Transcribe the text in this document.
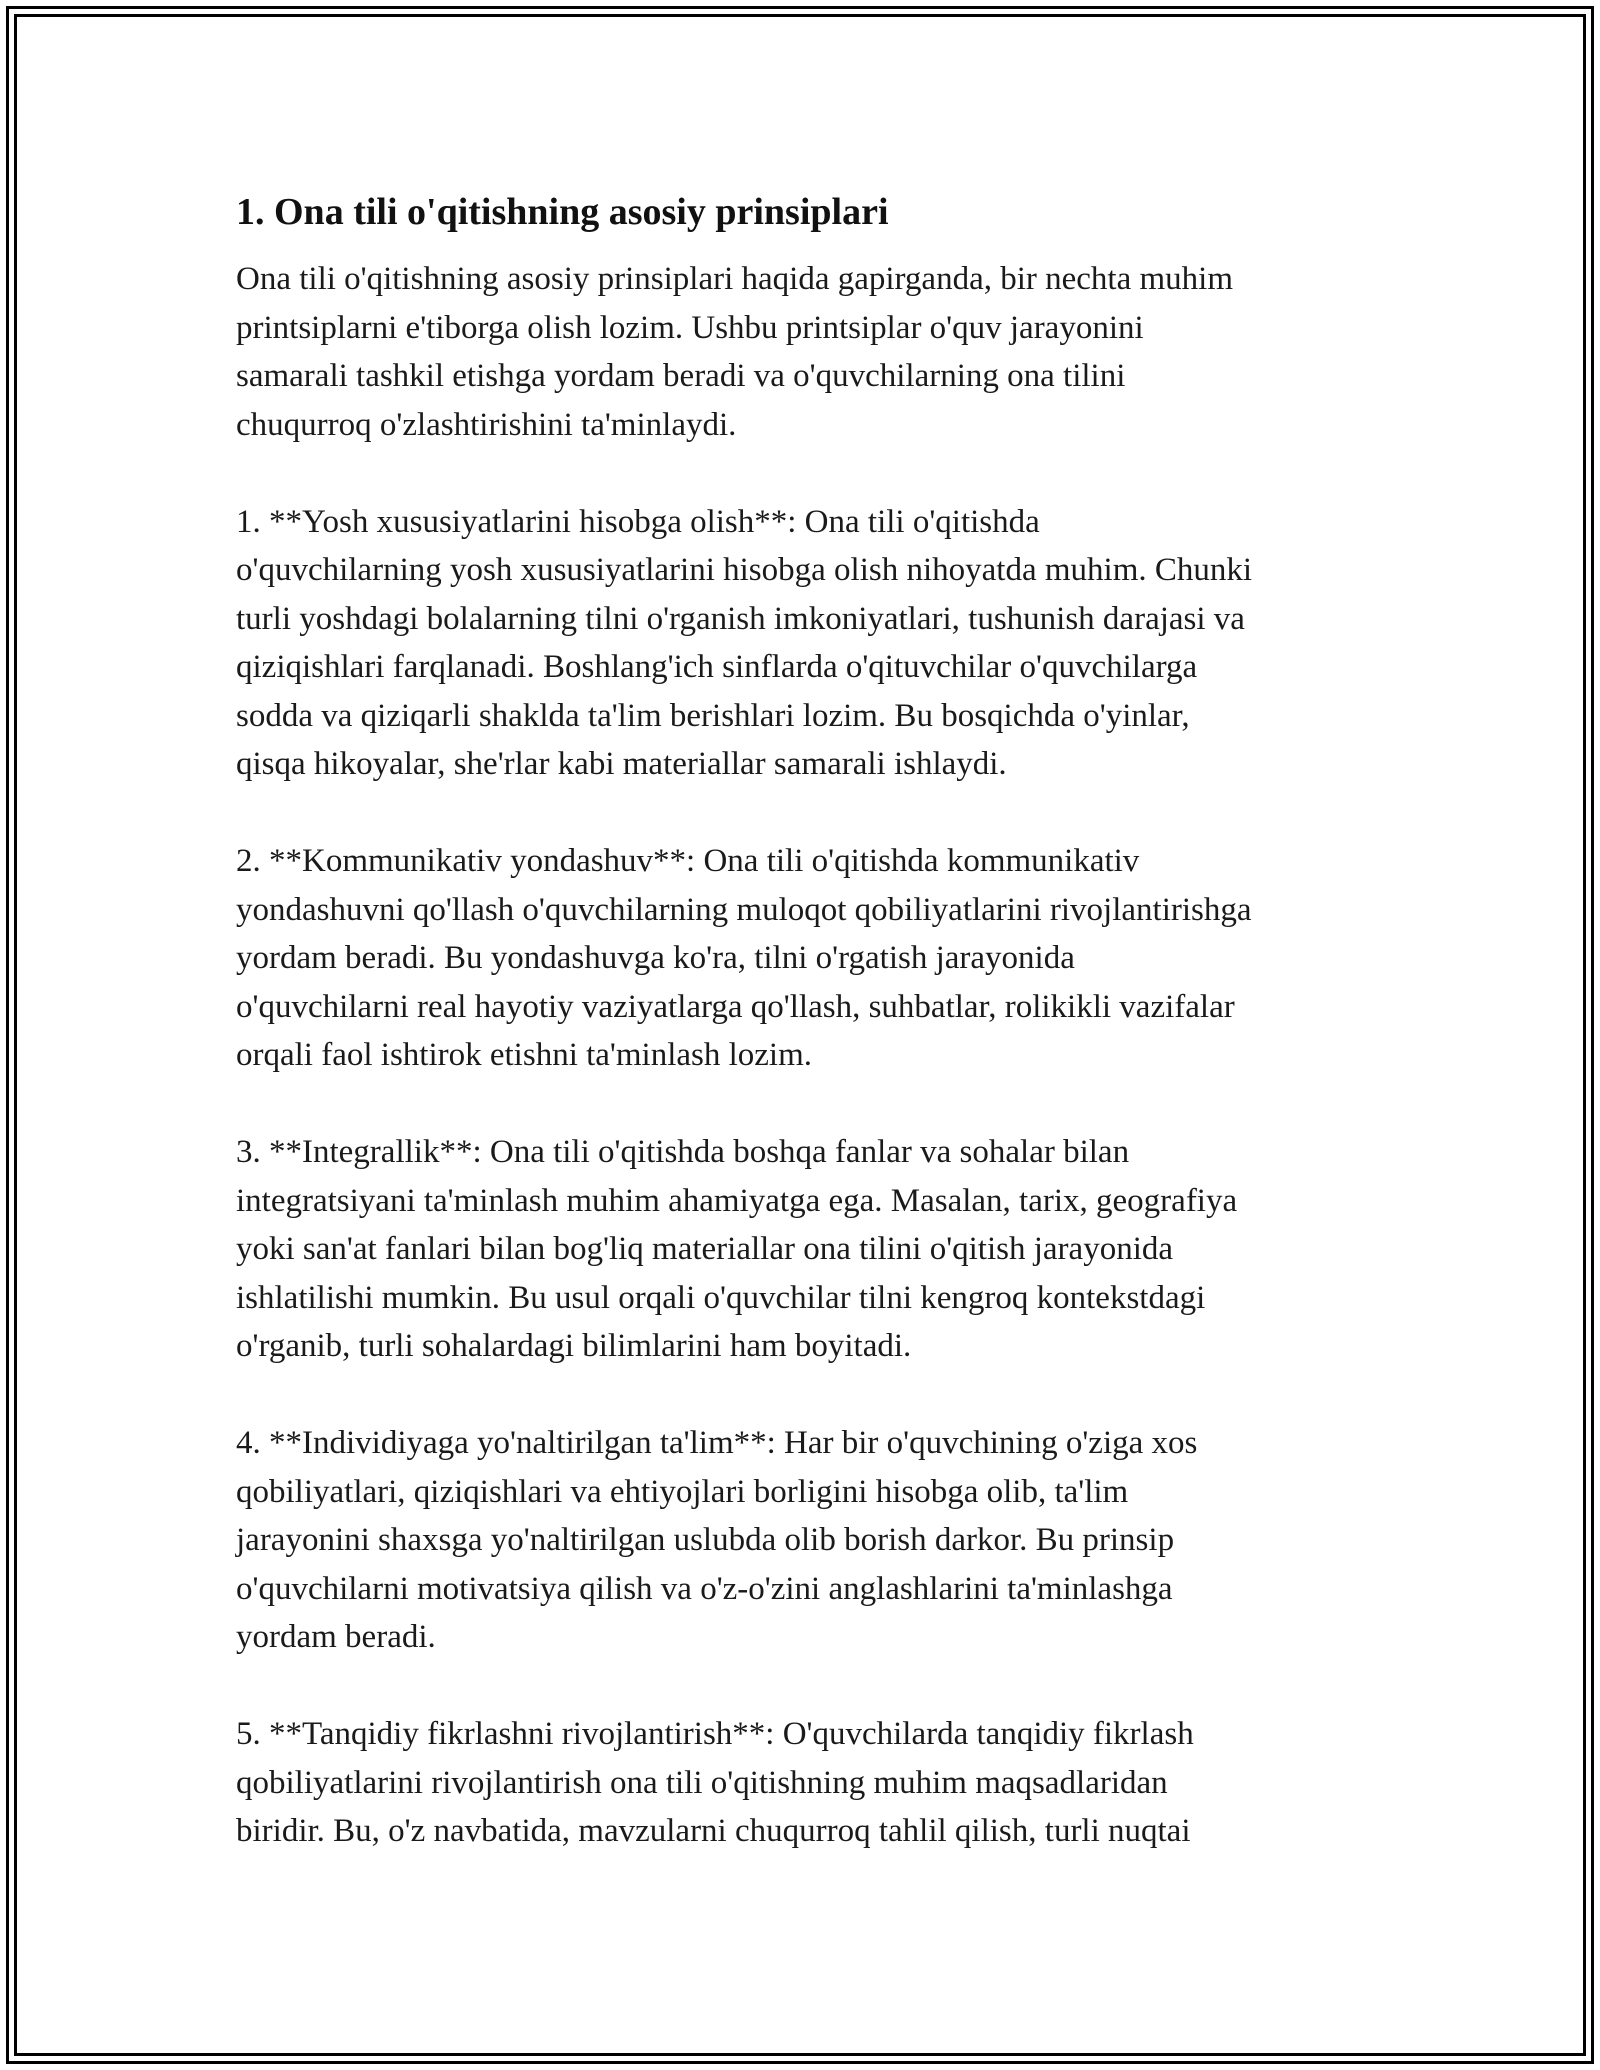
1. Ona tili o'qitishning asosiy prinsiplari

Ona tili o'qitishning asosiy prinsiplari haqida gapirganda, bir nechta muhim
printsiplarni e'tiborga olish lozim. Ushbu printsiplar o'quv jarayonini
samarali tashkil etishga yordam beradi va o'quvchilarning ona tilini
chuqurroq o'zlashtirishini ta'minlaydi.

1. **Yosh xususiyatlarini hisobga olish**: Ona tili o'qitishda
o'quvchilarning yosh xususiyatlarini hisobga olish nihoyatda muhim. Chunki
turli yoshdagi bolalarning tilni o'rganish imkoniyatlari, tushunish darajasi va
qiziqishlari farqlanadi. Boshlang'ich sinflarda o'qituvchilar o'quvchilarga
sodda va qiziqarli shaklda ta'lim berishlari lozim. Bu bosqichda o'yinlar,
qisqa hikoyalar, she'rlar kabi materiallar samarali ishlaydi.

2. **Kommunikativ yondashuv**: Ona tili o'qitishda kommunikativ
yondashuvni qo'llash o'quvchilarning muloqot qobiliyatlarini rivojlantirishga
yordam beradi. Bu yondashuvga ko'ra, tilni o'rgatish jarayonida
o'quvchilarni real hayotiy vaziyatlarga qo'llash, suhbatlar, rolikikli vazifalar
orqali faol ishtirok etishni ta'minlash lozim.

3. **Integrallik**: Ona tili o'qitishda boshqa fanlar va sohalar bilan
integratsiyani ta'minlash muhim ahamiyatga ega. Masalan, tarix, geografiya
yoki san'at fanlari bilan bog'liq materiallar ona tilini o'qitish jarayonida
ishlatilishi mumkin. Bu usul orqali o'quvchilar tilni kengroq kontekstdagi
o'rganib, turli sohalardagi bilimlarini ham boyitadi.

4. **Individiyaga yo'naltirilgan ta'lim**: Har bir o'quvchining o'ziga xos
qobiliyatlari, qiziqishlari va ehtiyojlari borligini hisobga olib, ta'lim
jarayonini shaxsga yo'naltirilgan uslubda olib borish darkor. Bu prinsip
o'quvchilarni motivatsiya qilish va o'z-o'zini anglashlarini ta'minlashga
yordam beradi.

5. **Tanqidiy fikrlashni rivojlantirish**: O'quvchilarda tanqidiy fikrlash
qobiliyatlarini rivojlantirish ona tili o'qitishning muhim maqsadlaridan
biridir. Bu, o'z navbatida, mavzularni chuqurroq tahlil qilish, turli nuqtai
